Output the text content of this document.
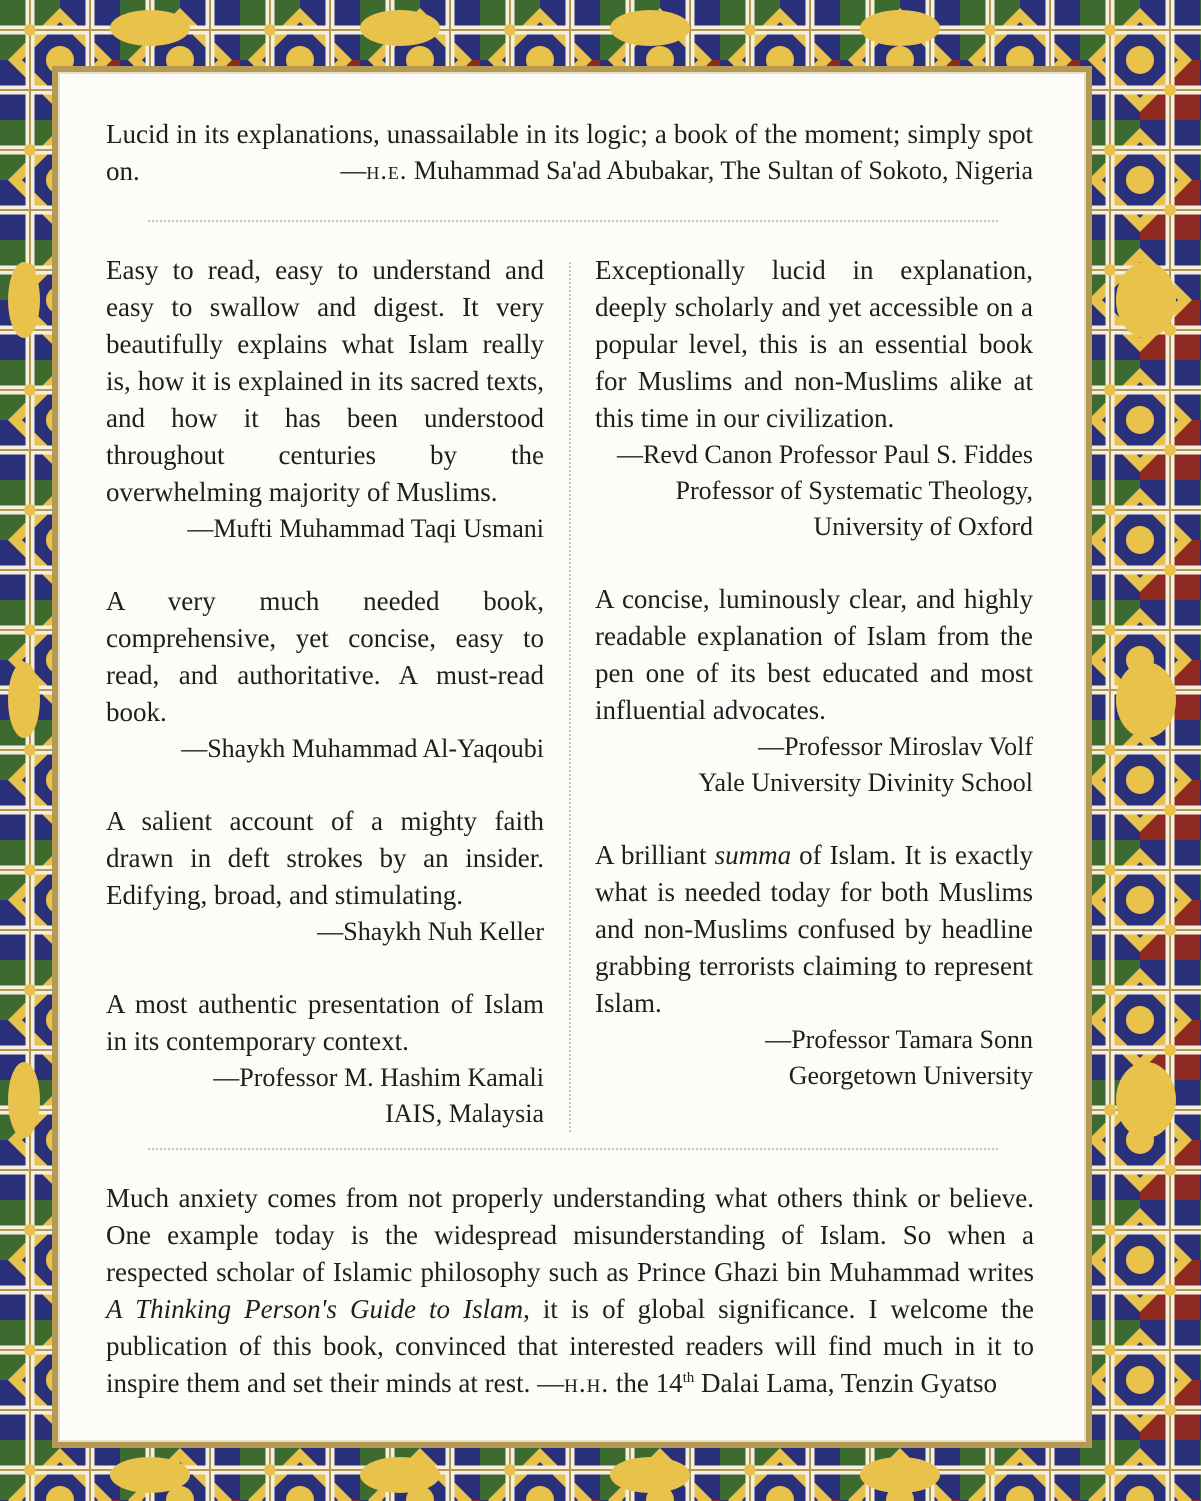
Lucid in its explanations, unassailable in its logic; a book of the moment; simply spot on.	—h.e. Muhammad Sa'ad Abubakar, The Sultan of Sokoto, Nigeria

Easy to read, easy to understand and easy to swallow and digest. It very beautifully explains what Islam really is, how it is explained in its sacred texts, and how it has been understood throughout centuries by the overwhelming majority of Muslims.

—Mufti Muhammad Taqi Usmani

A very much needed book, comprehensive, yet concise, easy to read, and authoritative. A must-read book.

—Shaykh Muhammad Al-Yaqoubi

A salient account of a mighty faith drawn in deft strokes by an insider. Edifying, broad, and stimulating.

—Shaykh Nuh Keller

A most authentic presentation of Islam in its contemporary context.

—Professor M. Hashim Kamali

IAIS, Malaysia

Exceptionally lucid in explanation, deeply scholarly and yet accessible on a popular level, this is an essential book for Muslims and non-Muslims alike at this time in our civilization.

—Revd Canon Professor Paul S. Fiddes

Professor of Systematic Theology,

University of Oxford

A concise, luminously clear, and highly readable explanation of Islam from the pen one of its best educated and most influential advocates.

—Professor Miroslav Volf

Yale University Divinity School

A brilliant summa of Islam. It is exactly what is needed today for both Muslims and non-Muslims confused by headline grabbing terrorists claiming to represent Islam.

—Professor Tamara Sonn

Georgetown University

Much anxiety comes from not properly understanding what others think or believe. One example today is the widespread misunderstanding of Islam. So when a respected scholar of Islamic philosophy such as Prince Ghazi bin Muhammad writes A Thinking Person's Guide to Islam, it is of global significance. I welcome the publication of this book, convinced that interested readers will find much in it to inspire them and set their minds at rest. —h.h. the 14th Dalai Lama, Tenzin Gyatso
